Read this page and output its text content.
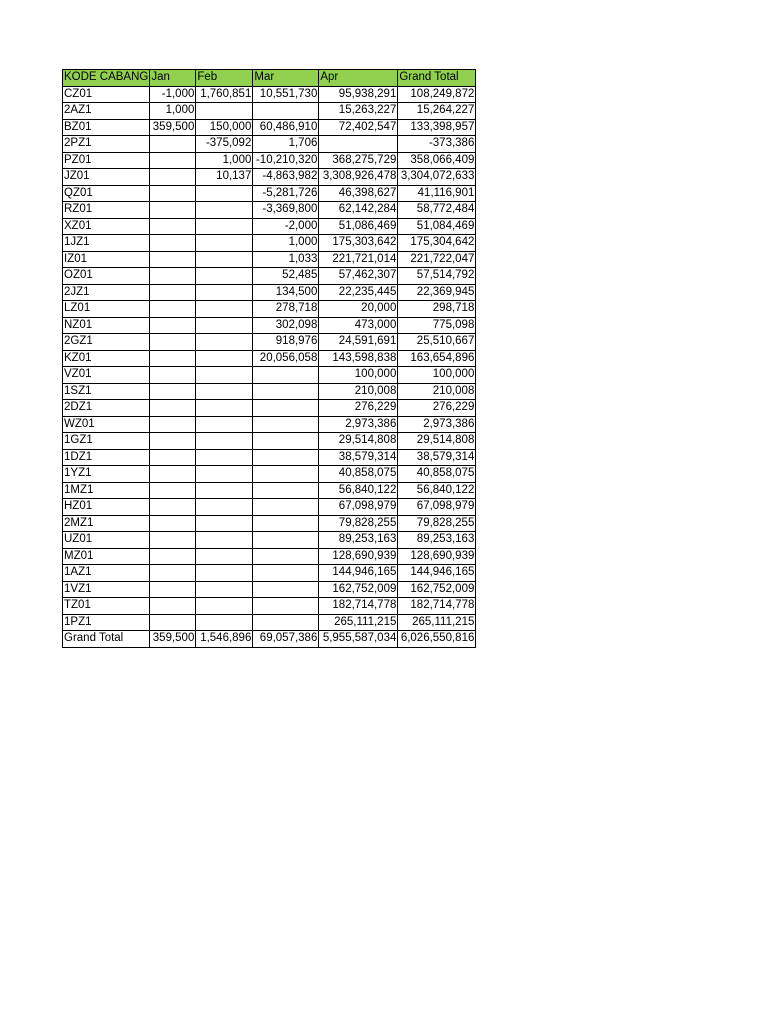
KODE CABANG	Jan	Feb	Mar	Apr	Grand Total
CZ01	-1,000	1,760,851	10,551,730	95,938,291	108,249,872
2AZ1	1,000			15,263,227	15,264,227
BZ01	359,500	150,000	60,486,910	72,402,547	133,398,957
2PZ1		-375,092	1,706		-373,386
PZ01		1,000	-10,210,320	368,275,729	358,066,409
JZ01		10,137	-4,863,982	3,308,926,478	3,304,072,633
QZ01			-5,281,726	46,398,627	41,116,901
RZ01			-3,369,800	62,142,284	58,772,484
XZ01			-2,000	51,086,469	51,084,469
1JZ1			1,000	175,303,642	175,304,642
IZ01			1,033	221,721,014	221,722,047
OZ01			52,485	57,462,307	57,514,792
2JZ1			134,500	22,235,445	22,369,945
LZ01			278,718	20,000	298,718
NZ01			302,098	473,000	775,098
2GZ1			918,976	24,591,691	25,510,667
KZ01			20,056,058	143,598,838	163,654,896
VZ01				100,000	100,000
1SZ1				210,008	210,008
2DZ1				276,229	276,229
WZ01				2,973,386	2,973,386
1GZ1				29,514,808	29,514,808
1DZ1				38,579,314	38,579,314
1YZ1				40,858,075	40,858,075
1MZ1				56,840,122	56,840,122
HZ01				67,098,979	67,098,979
2MZ1				79,828,255	79,828,255
UZ01				89,253,163	89,253,163
MZ01				128,690,939	128,690,939
1AZ1				144,946,165	144,946,165
1VZ1				162,752,009	162,752,009
TZ01				182,714,778	182,714,778
1PZ1				265,111,215	265,111,215
Grand Total	359,500	1,546,896	69,057,386	5,955,587,034	6,026,550,816
